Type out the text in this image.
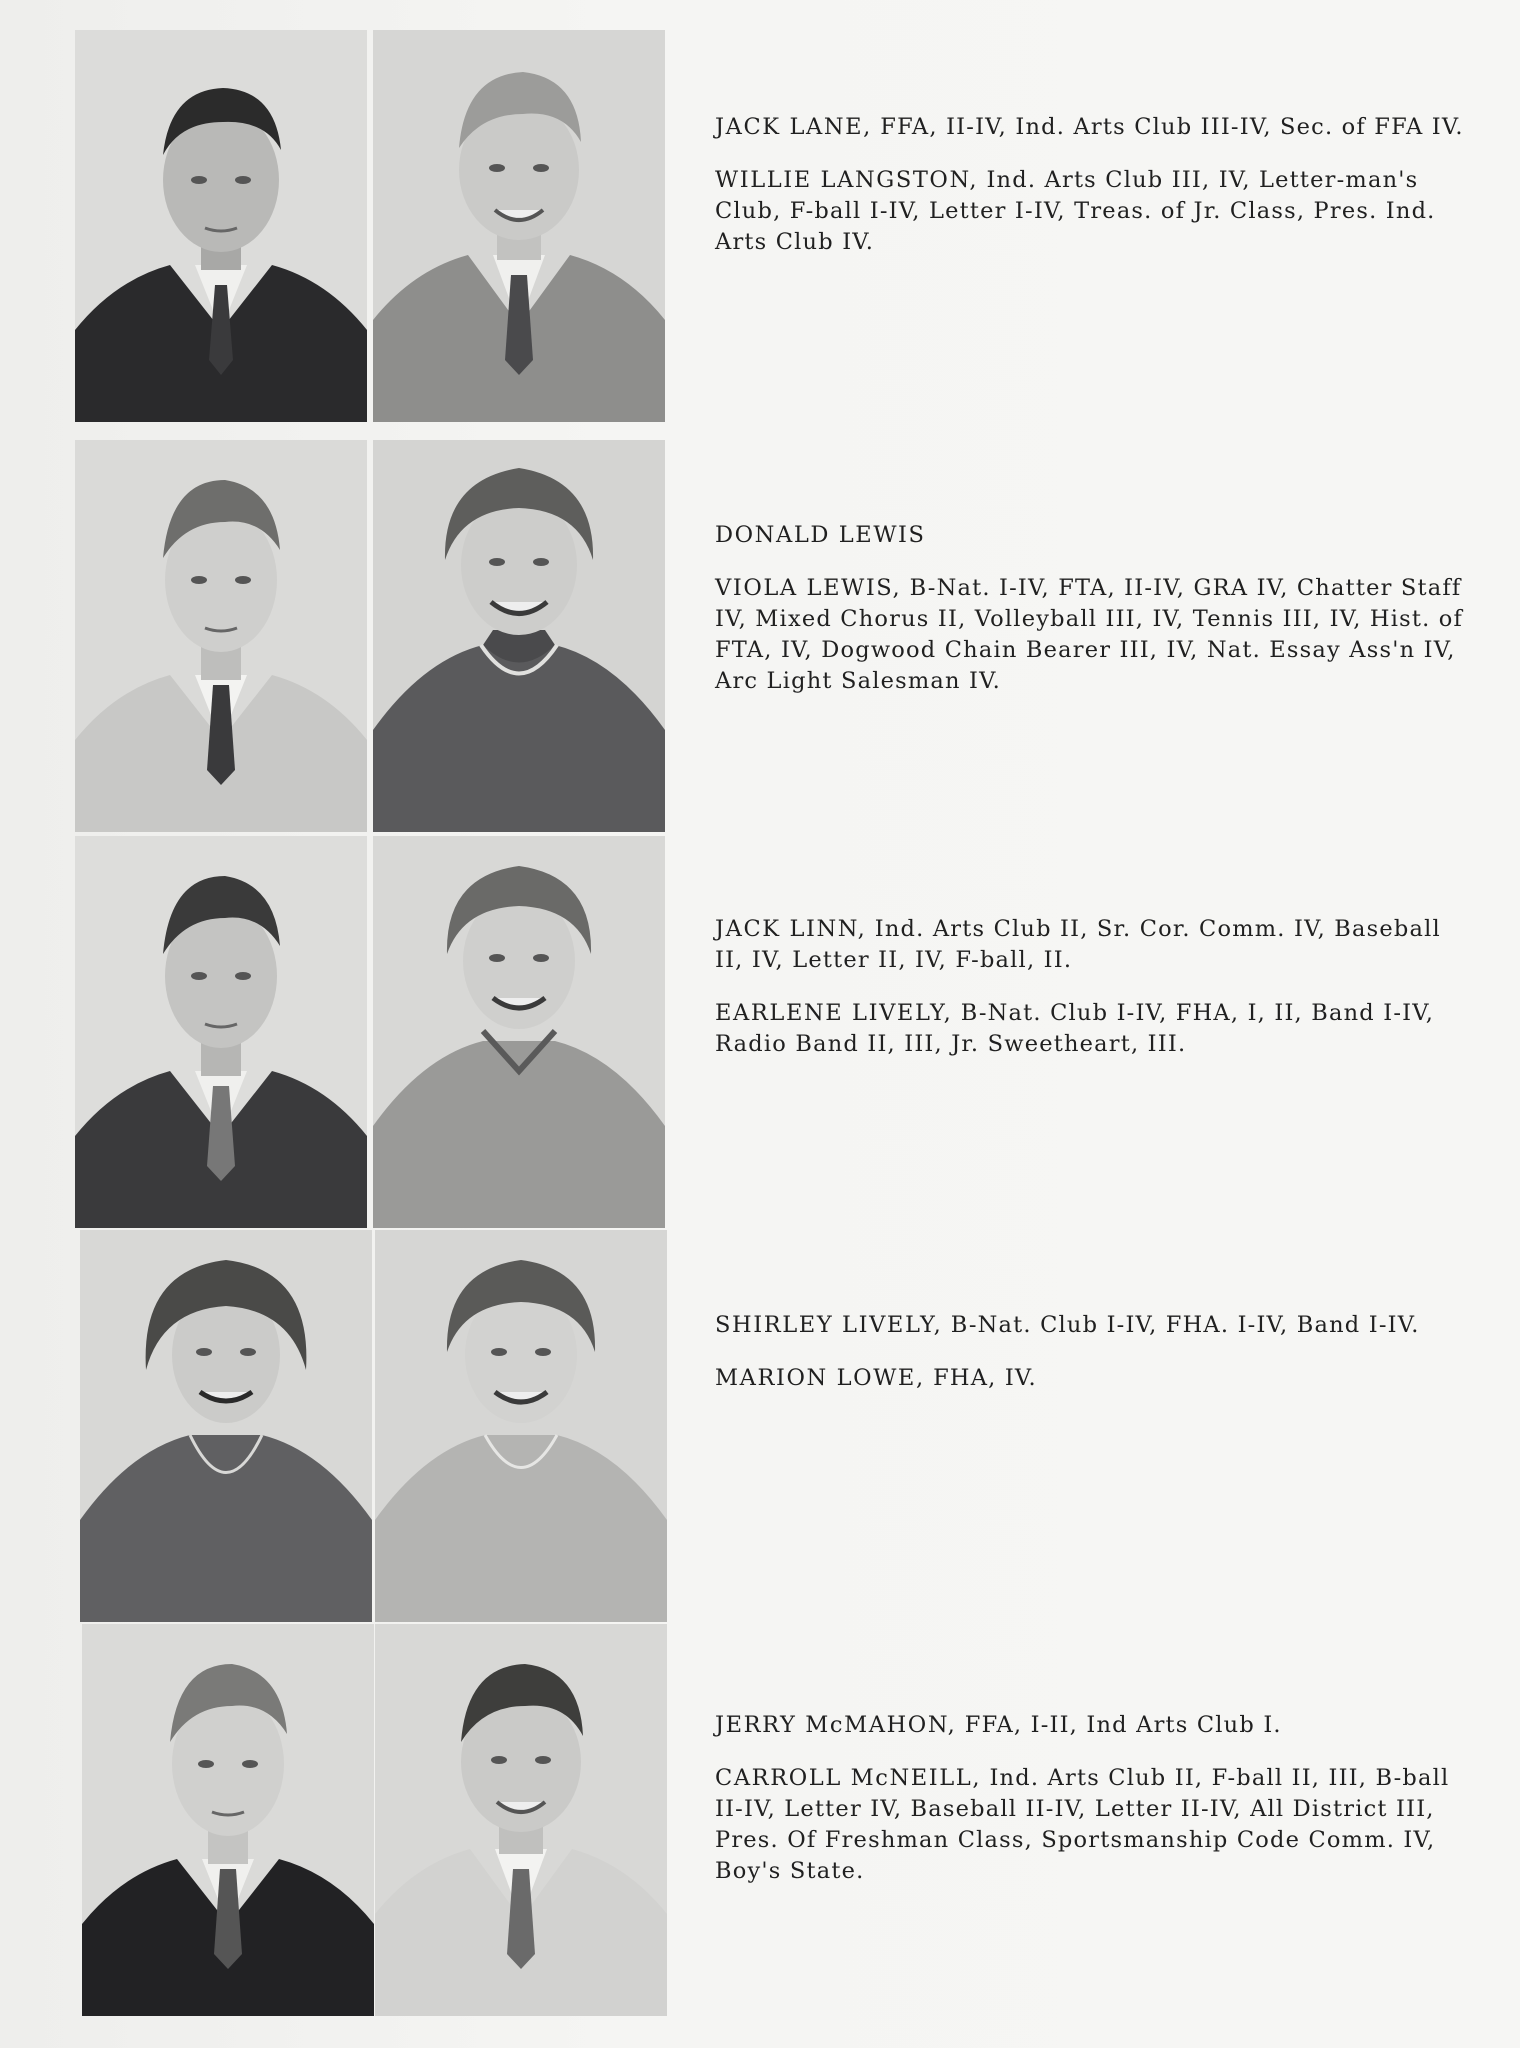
JACK LANE, FFA, II-IV, Ind. Arts Club III-IV, Sec. of FFA IV.

WILLIE LANGSTON, Ind. Arts Club III, IV, Letter-man's Club, F-ball I-IV, Letter I-IV, Treas. of Jr. Class, Pres. Ind. Arts Club IV.

DONALD LEWIS

VIOLA LEWIS, B-Nat. I-IV, FTA, II-IV, GRA IV, Chatter Staff IV, Mixed Chorus II, Volleyball III, IV, Tennis III, IV, Hist. of FTA, IV, Dogwood Chain Bearer III, IV, Nat. Essay Ass'n IV, Arc Light Salesman IV.

JACK LINN, Ind. Arts Club II, Sr. Cor. Comm. IV, Baseball II, IV, Letter II, IV, F-ball, II.

EARLENE LIVELY, B-Nat. Club I-IV, FHA, I, II, Band I-IV, Radio Band II, III, Jr. Sweetheart, III.

SHIRLEY LIVELY, B-Nat. Club I-IV, FHA. I-IV, Band I-IV.

MARION LOWE, FHA, IV.

JERRY McMAHON, FFA, I-II, Ind Arts Club I.

CARROLL McNEILL, Ind. Arts Club II, F-ball II, III, B-ball II-IV, Letter IV, Baseball II-IV, Letter II-IV, All District III, Pres. Of Freshman Class, Sportsmanship Code Comm. IV, Boy's State.
